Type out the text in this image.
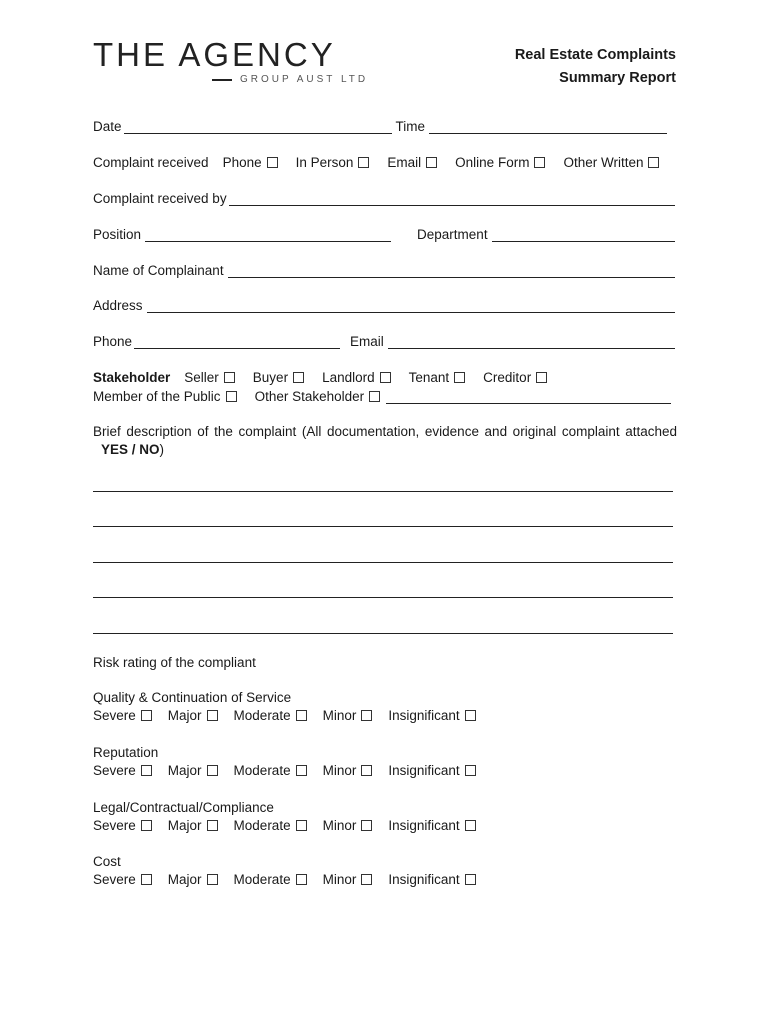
THE AGENCY
GROUP AUST LTD
Real Estate Complaints
Summary Report
Date	Time
Complaint received Phone	In Person	Email	Online Form	Other Written
Complaint received by
Position	Department
Name of Complainant
Address
Phone	Email
Stakeholder Seller	Buyer	Landlord	Tenant	Creditor
Member of the Public	Other Stakeholder
Brief description of the complaint (All documentation, evidence and original complaint attached YES / NO)
Risk rating of the compliant
Quality & Continuation of Service
Severe Major Moderate Minor Insignificant
Reputation
Severe Major Moderate Minor Insignificant
Legal/Contractual/Compliance
Severe Major Moderate Minor Insignificant
Cost
Severe Major Moderate Minor Insignificant
